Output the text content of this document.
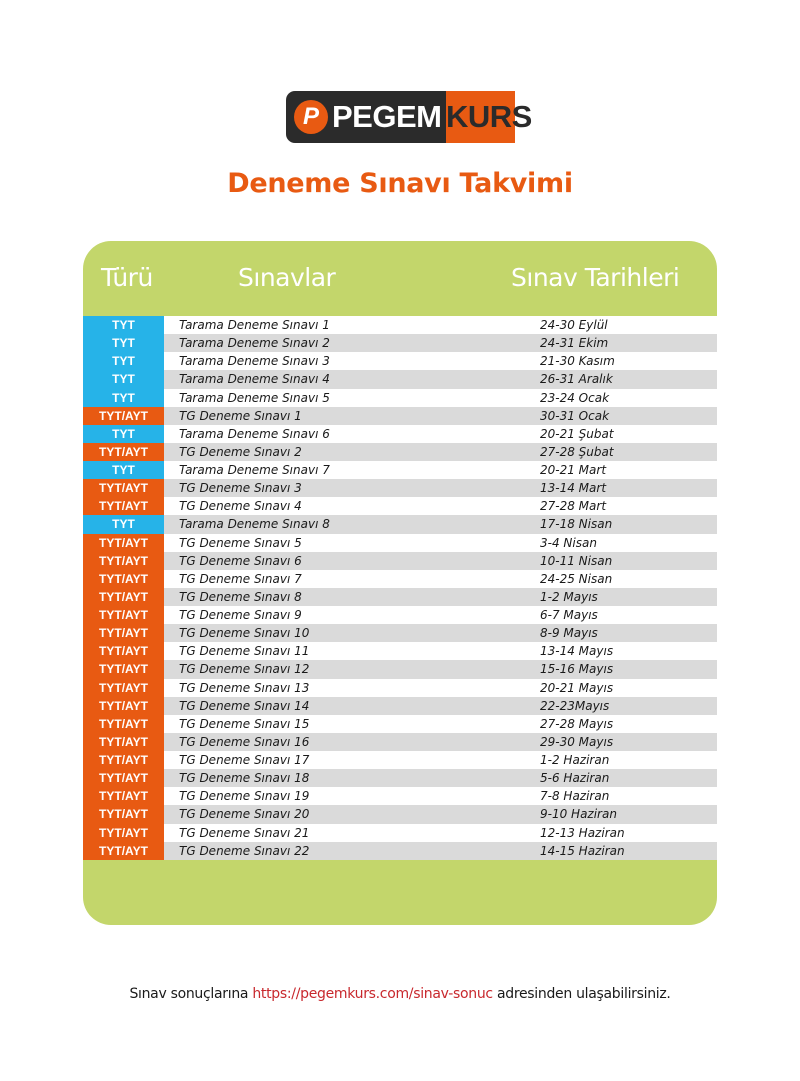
P PEGEM KURS
Deneme Sınavı Takvimi
Türü	Sınavlar	Sınav Tarihleri
TYT	Tarama Deneme Sınavı 1	24-30 Eylül
TYT	Tarama Deneme Sınavı 2	24-31 Ekim
TYT	Tarama Deneme Sınavı 3	21-30 Kasım
TYT	Tarama Deneme Sınavı 4	26-31 Aralık
TYT	Tarama Deneme Sınavı 5	23-24 Ocak
TYT/AYT	TG Deneme Sınavı 1	30-31 Ocak
TYT	Tarama Deneme Sınavı 6	20-21 Şubat
TYT/AYT	TG Deneme Sınavı 2	27-28 Şubat
TYT	Tarama Deneme Sınavı 7	20-21 Mart
TYT/AYT	TG Deneme Sınavı 3	13-14 Mart
TYT/AYT	TG Deneme Sınavı 4	27-28 Mart
TYT	Tarama Deneme Sınavı 8	17-18 Nisan
TYT/AYT	TG Deneme Sınavı 5	3-4 Nisan
TYT/AYT	TG Deneme Sınavı 6	10-11 Nisan
TYT/AYT	TG Deneme Sınavı 7	24-25 Nisan
TYT/AYT	TG Deneme Sınavı 8	1-2 Mayıs
TYT/AYT	TG Deneme Sınavı 9	6-7 Mayıs
TYT/AYT	TG Deneme Sınavı 10	8-9 Mayıs
TYT/AYT	TG Deneme Sınavı 11	13-14 Mayıs
TYT/AYT	TG Deneme Sınavı 12	15-16 Mayıs
TYT/AYT	TG Deneme Sınavı 13	20-21 Mayıs
TYT/AYT	TG Deneme Sınavı 14	22-23Mayıs
TYT/AYT	TG Deneme Sınavı 15	27-28 Mayıs
TYT/AYT	TG Deneme Sınavı 16	29-30 Mayıs
TYT/AYT	TG Deneme Sınavı 17	1-2 Haziran
TYT/AYT	TG Deneme Sınavı 18	5-6 Haziran
TYT/AYT	TG Deneme Sınavı 19	7-8 Haziran
TYT/AYT	TG Deneme Sınavı 20	9-10 Haziran
TYT/AYT	TG Deneme Sınavı 21	12-13 Haziran
TYT/AYT	TG Deneme Sınavı 22	14-15 Haziran
Sınav sonuçlarına https://pegemkurs.com/sinav-sonuc adresinden ulaşabilirsiniz.
